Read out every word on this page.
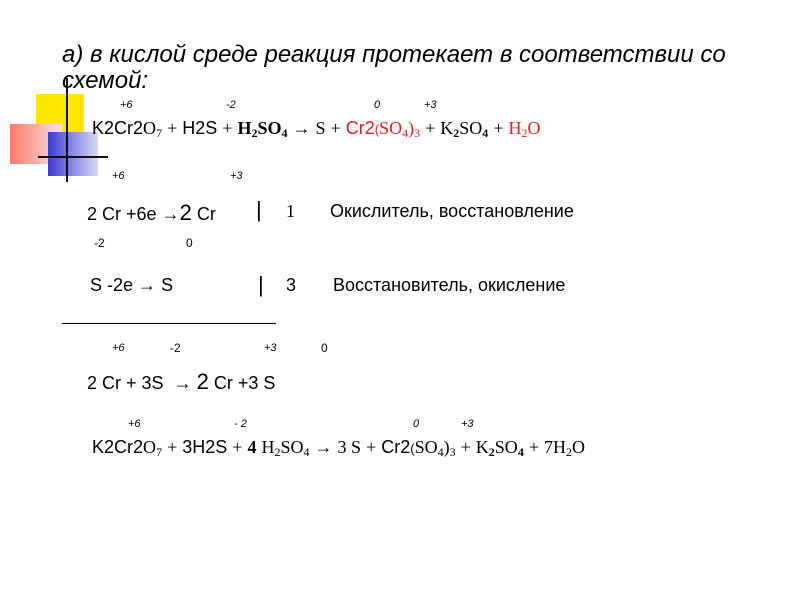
а) в кислой среде реакция протекает в соответствии со схемой:
+6	-2	0	+3
$K2Cr2O_7 + H2S + H_2SO_4 \to S + Cr2(SO_4)_3 + K_2SO_4 + H_2O$
+6	+3
2 Cr +6e →2 Cr | 1 Окислитель, восстановление
-2	0
S -2e → S	| 3 Восстановитель, окисление
+6	-2	+3	0
2 Cr + 3S → 2 Cr +3 S
+6	- 2	0	+3
$K2Cr2O_7 + 3H2S + 4$ $H_2SO_4 \to 3$ $S + Cr2(SO_4)_3 + K_2SO_4 + 7H_2O$
